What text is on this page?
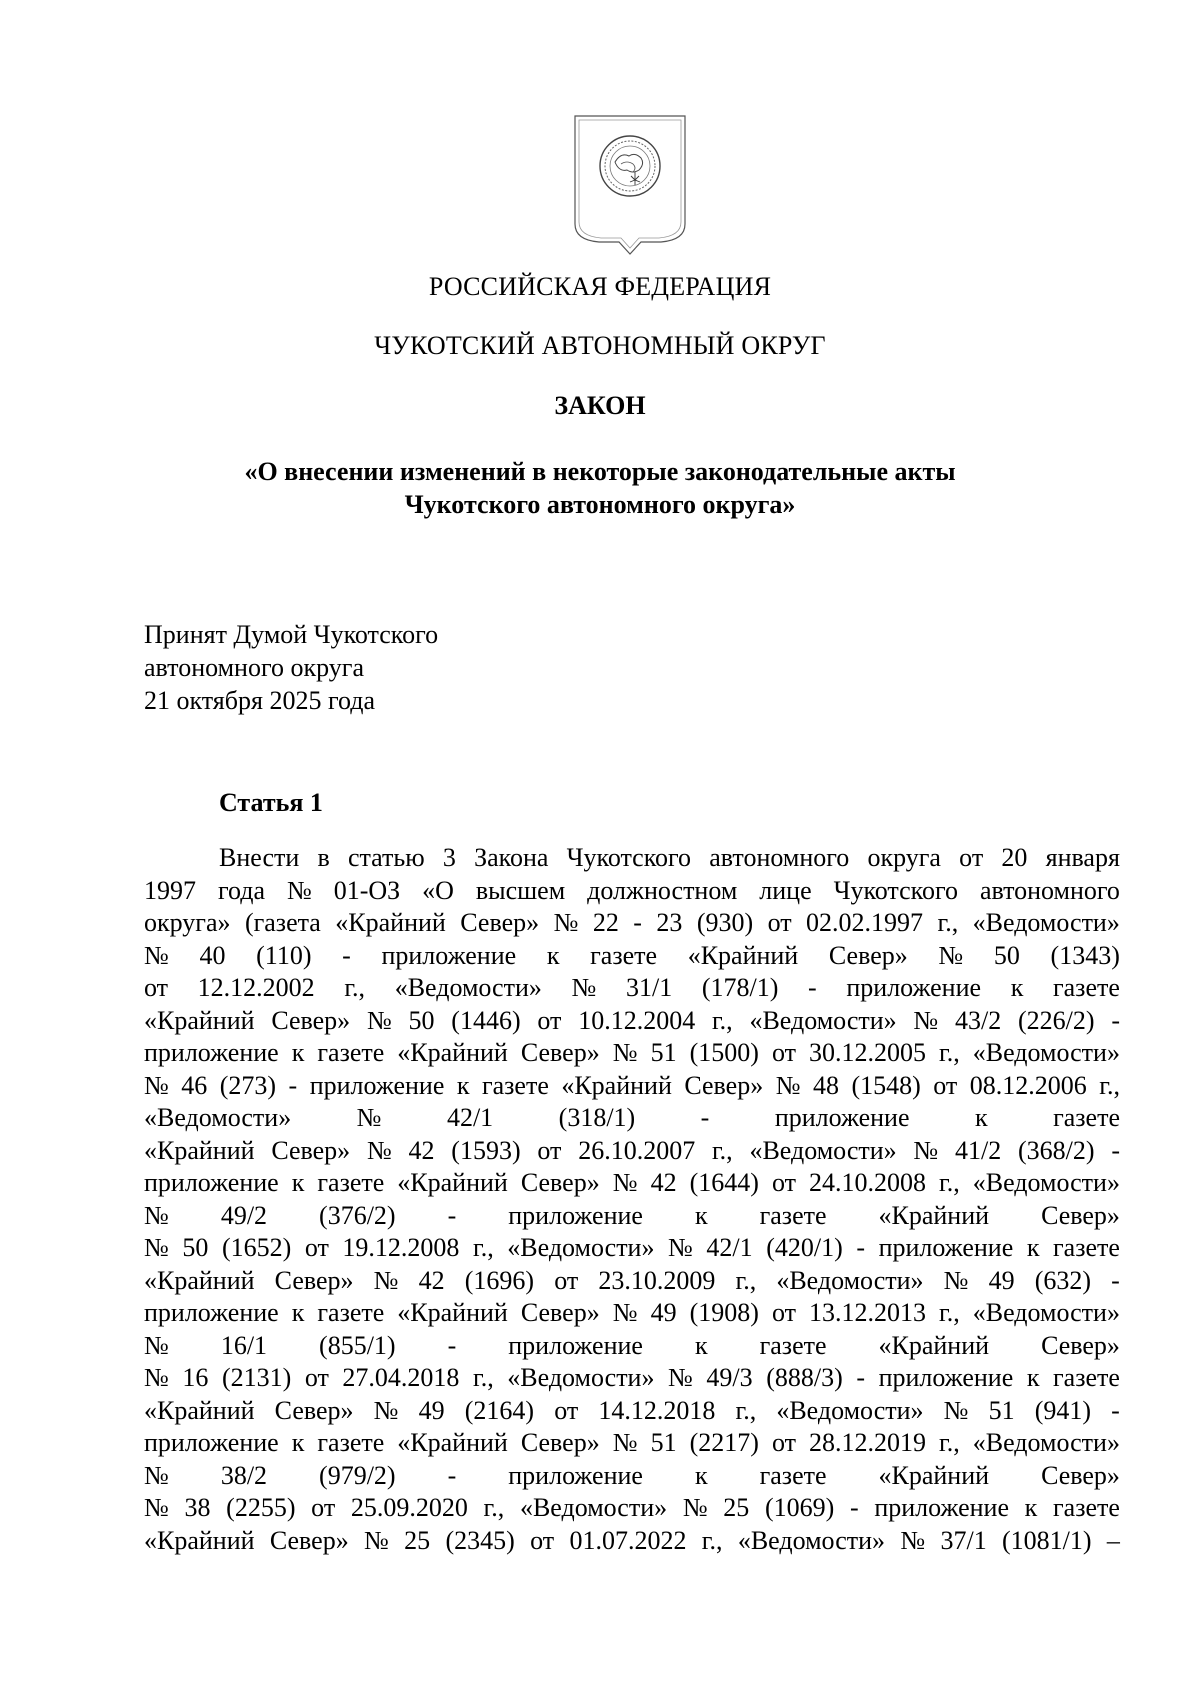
РОССИЙСКАЯ ФЕДЕРАЦИЯ
ЧУКОТСКИЙ АВТОНОМНЫЙ ОКРУГ
ЗАКОН
«О внесении изменений в некоторые законодательные акты
Чукотского автономного округа»
Принят Думой Чукотского
автономного округа
21 октября 2025 года
Статья 1
Внести в статью 3 Закона Чукотского автономного округа от 20 января
1997 года № 01-ОЗ «О высшем должностном лице Чукотского автономного
округа» (газета «Крайний Север» № 22 - 23 (930) от 02.02.1997 г., «Ведомости»
№ 40 (110) - приложение к газете «Крайний Север» № 50 (1343)
от 12.12.2002 г., «Ведомости» № 31/1 (178/1) - приложение к газете
«Крайний Север» № 50 (1446) от 10.12.2004 г., «Ведомости» № 43/2 (226/2) -
приложение к газете «Крайний Север» № 51 (1500) от 30.12.2005 г., «Ведомости»
№ 46 (273) - приложение к газете «Крайний Север» № 48 (1548) от 08.12.2006 г.,
«Ведомости»	№	42/1	(318/1)	-	приложение	к	газете
«Крайний Север» № 42 (1593) от 26.10.2007 г., «Ведомости» № 41/2 (368/2) -
приложение к газете «Крайний Север» № 42 (1644) от 24.10.2008 г., «Ведомости»
№ 49/2 (376/2) - приложение к газете «Крайний Север»
№ 50 (1652) от 19.12.2008 г., «Ведомости» № 42/1 (420/1) - приложение к газете
«Крайний Север» № 42 (1696) от 23.10.2009 г., «Ведомости» № 49 (632) -
приложение к газете «Крайний Север» № 49 (1908) от 13.12.2013 г., «Ведомости»
№ 16/1 (855/1) - приложение к газете «Крайний Север»
№ 16 (2131) от 27.04.2018 г., «Ведомости» № 49/3 (888/3) - приложение к газете
«Крайний Север» № 49 (2164) от 14.12.2018 г., «Ведомости» № 51 (941) -
приложение к газете «Крайний Север» № 51 (2217) от 28.12.2019 г., «Ведомости»
№ 38/2 (979/2) - приложение к газете «Крайний Север»
№ 38 (2255) от 25.09.2020 г., «Ведомости» № 25 (1069) - приложение к газете
«Крайний Север» № 25 (2345) от 01.07.2022 г., «Ведомости» № 37/1 (1081/1) –
